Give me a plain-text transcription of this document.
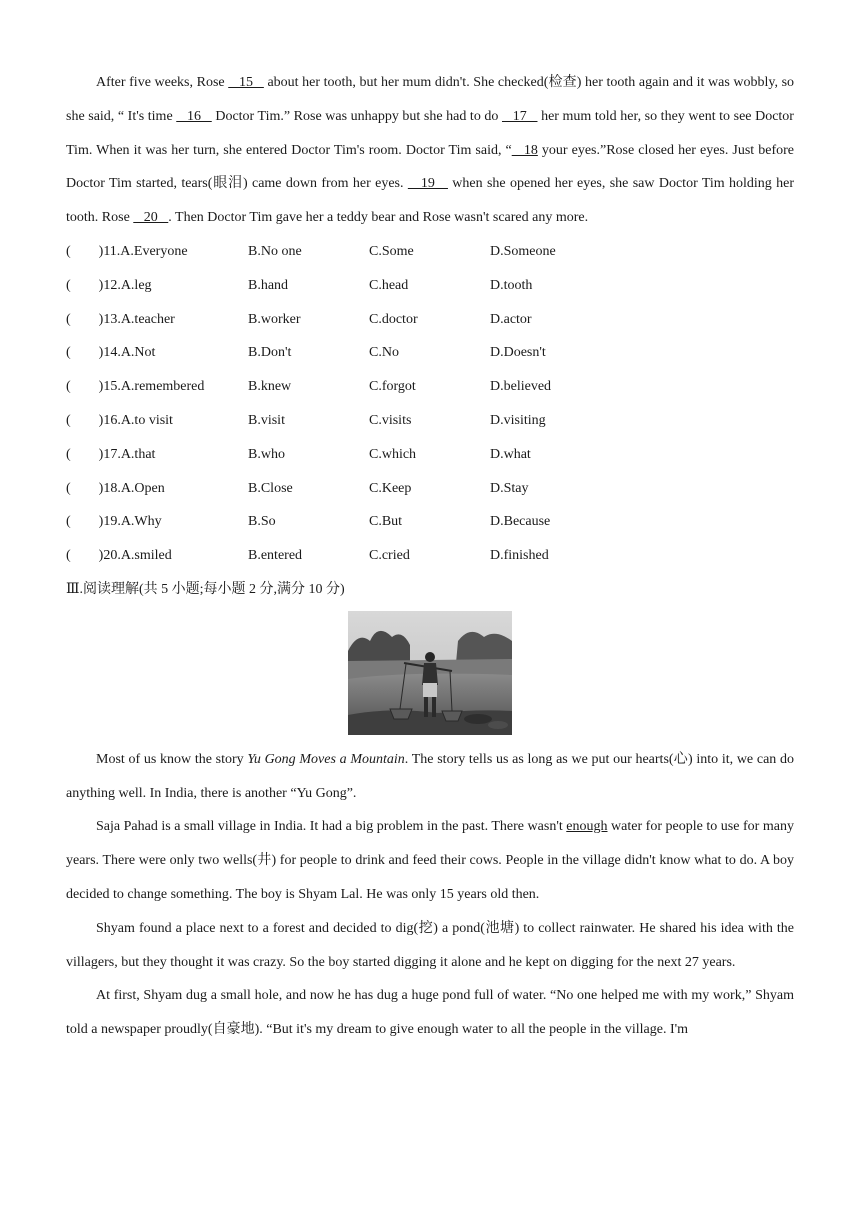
After five weeks, Rose    15    about her tooth, but her mum didn't. She checked(检查) her tooth again and it was wobbly, so she said, “ It's time    16    Doctor Tim.” Rose was unhappy but she had to do    17    her mum told her, so they went to see Doctor Tim. When it was her turn, she entered Doctor Tim's room. Doctor Tim said, “   18 your eyes.”Rose closed her eyes. Just before Doctor Tim started, tears(眼泪) came down from her eyes.    19    when she opened her eyes, she saw Doctor Tim holding her tooth. Rose    20   . Then Doctor Tim gave her a teddy bear and Rose wasn't scared any more.

(        )11.A.Everyone	B.No one	C.Some	D.Someone
(        )12.A.leg	B.hand	C.head	D.tooth
(        )13.A.teacher	B.worker	C.doctor	D.actor
(        )14.A.Not	B.Don't	C.No	D.Doesn't
(        )15.A.remembered	B.knew	C.forgot	D.believed
(        )16.A.to visit	B.visit	C.visits	D.visiting
(        )17.A.that	B.who	C.which	D.what
(        )18.A.Open	B.Close	C.Keep	D.Stay
(        )19.A.Why	B.So	C.But	D.Because
(        )20.A.smiled	B.entered	C.cried	D.finished

Ⅲ.阅读理解(共 5 小题;每小题 2 分,满分 10 分)

Most of us know the story Yu Gong Moves a Mountain. The story tells us as long as we put our hearts(心) into it, we can do anything well. In India, there is another “Yu Gong”.

Saja Pahad is a small village in India. It had a big problem in the past. There wasn't enough water for people to use for many years. There were only two wells(井) for people to drink and feed their cows. People in the village didn't know what to do. A boy decided to change something. The boy is Shyam Lal. He was only 15 years old then.

Shyam found a place next to a forest and decided to dig(挖) a pond(池塘) to collect rainwater. He shared his idea with the villagers, but they thought it was crazy. So the boy started digging it alone and he kept on digging for the next 27 years.

At first, Shyam dug a small hole, and now he has dug a huge pond full of water. “No one helped me with my work,” Shyam told a newspaper proudly(自豪地). “But it's my dream to give enough water to all the people in the village. I'm
